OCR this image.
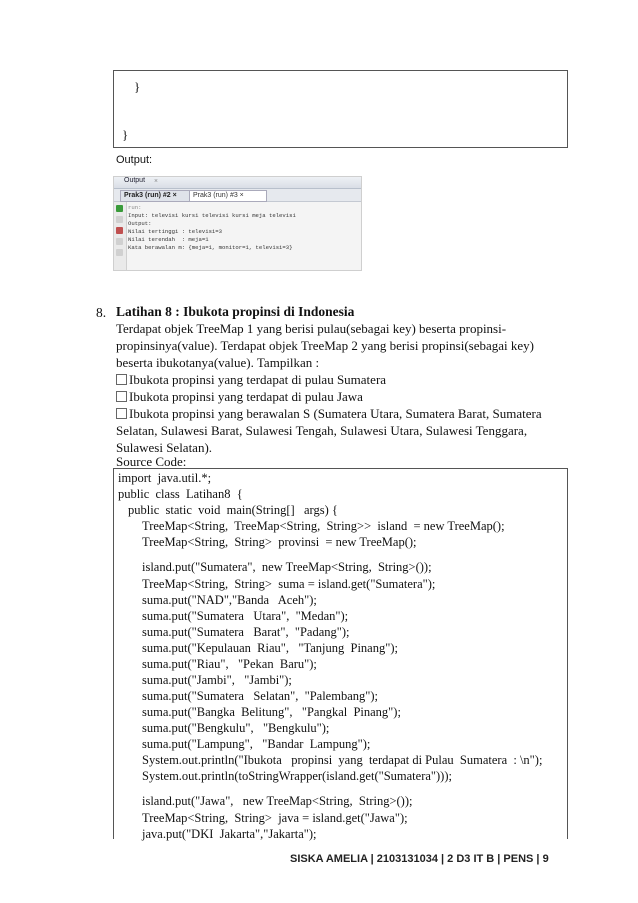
}
}
Output:
Output ×
Prak3 (run) #2 ×	Prak3 (run) #3 ×
run:
Input: televisi kursi televisi kursi meja televisi
Output:
Nilai tertinggi : televisi=3
Nilai terendah  : meja=1
Kata berawalan m: {meja=1, monitor=1, televisi=3}
8. Latihan 8 : Ibukota propinsi di Indonesia
Terdapat objek TreeMap 1 yang berisi pulau(sebagai key) beserta propinsi-
propinsinya(value). Terdapat objek TreeMap 2 yang berisi propinsi(sebagai key)
beserta ibukotanya(value). Tampilkan :
Ibukota propinsi yang terdapat di pulau Sumatera
Ibukota propinsi yang terdapat di pulau Jawa
Ibukota propinsi yang berawalan S (Sumatera Utara, Sumatera Barat, Sumatera
Selatan, Sulawesi Barat, Sulawesi Tengah, Sulawesi Utara, Sulawesi Tenggara,
Sulawesi Selatan).
Source Code:
import  java.util.*;
public  class  Latihan8  {
public  static  void  main(String[]   args) {
TreeMap<String,  TreeMap<String,  String>>  island  = new TreeMap();
TreeMap<String,  String>  provinsi  = new TreeMap();
island.put("Sumatera",  new TreeMap<String,  String>());
TreeMap<String,  String>  suma = island.get("Sumatera");
suma.put("NAD","Banda   Aceh");
suma.put("Sumatera   Utara",  "Medan");
suma.put("Sumatera   Barat",  "Padang");
suma.put("Kepulauan  Riau",   "Tanjung  Pinang");
suma.put("Riau",   "Pekan  Baru");
suma.put("Jambi",   "Jambi");
suma.put("Sumatera   Selatan",  "Palembang");
suma.put("Bangka  Belitung",   "Pangkal  Pinang");
suma.put("Bengkulu",   "Bengkulu");
suma.put("Lampung",   "Bandar  Lampung");
System.out.println("Ibukota   propinsi  yang  terdapat di Pulau  Sumatera  : \n");
System.out.println(toStringWrapper(island.get("Sumatera")));
island.put("Jawa",   new TreeMap<String,  String>());
TreeMap<String,  String>  java = island.get("Jawa");
java.put("DKI  Jakarta","Jakarta");
SISKA AMELIA | 2103131034 | 2 D3 IT B | PENS | 9
